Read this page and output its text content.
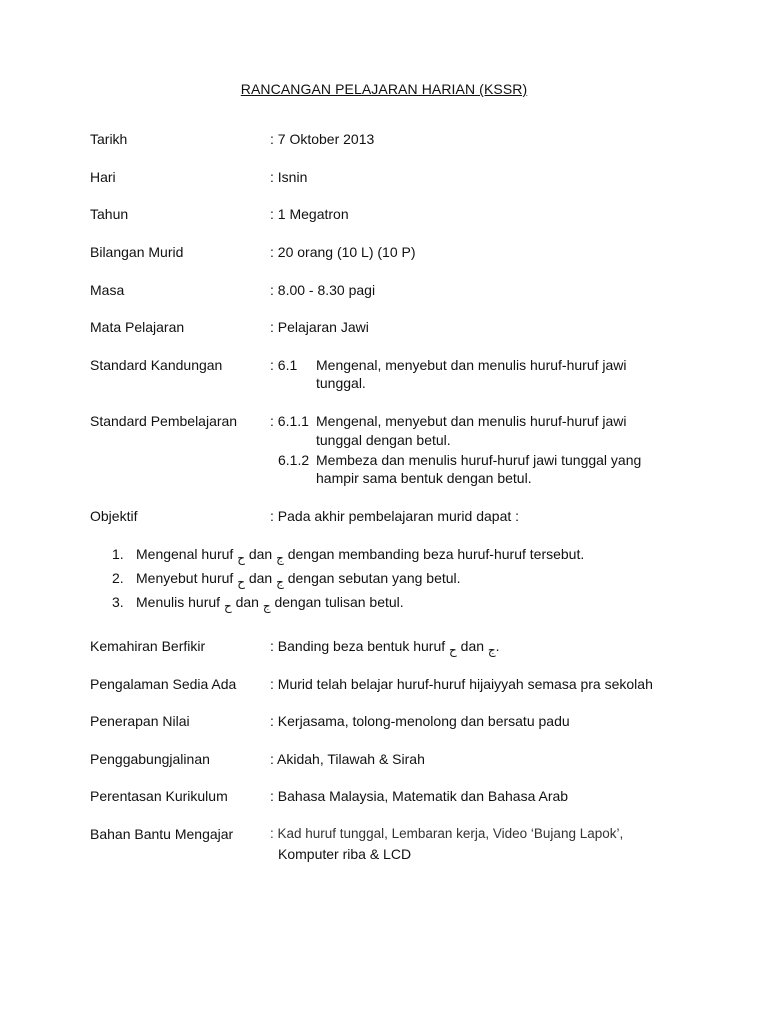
RANCANGAN PELAJARAN HARIAN (KSSR)
Tarikh	: 7 Oktober 2013
Hari	: Isnin
Tahun	: 1 Megatron
Bilangan Murid	: 20 orang (10 L) (10 P)
Masa	: 8.00 - 8.30 pagi
Mata Pelajaran	: Pelajaran Jawi
Standard Kandungan	: 6.1 Mengenal, menyebut dan menulis huruf-huruf jawi
tunggal.
Standard Pembelajaran : 6.1.1 Mengenal, menyebut dan menulis huruf-huruf jawi
tunggal dengan betul.
6.1.2 Membeza dan menulis huruf-huruf jawi tunggal yang
hampir sama bentuk dengan betul.
Objektif	: Pada akhir pembelajaran murid dapat :
1. Mengenal huruf ح dan ج dengan membanding beza huruf-huruf tersebut.
2. Menyebut huruf ح dan ج dengan sebutan yang betul.
3. Menulis huruf ح dan ج dengan tulisan betul.
Kemahiran Berfikir	: Banding beza bentuk huruf ح dan ج.
Pengalaman Sedia Ada : Murid telah belajar huruf-huruf hijaiyyah semasa pra sekolah
Penerapan Nilai	: Kerjasama, tolong-menolong dan bersatu padu
Penggabungjalinan	: Akidah, Tilawah & Sirah
Perentasan Kurikulum	: Bahasa Malaysia, Matematik dan Bahasa Arab
Bahan Bantu Mengajar	: Kad huruf tunggal, Lembaran kerja, Video ‘Bujang Lapok’,
Komputer riba & LCD
